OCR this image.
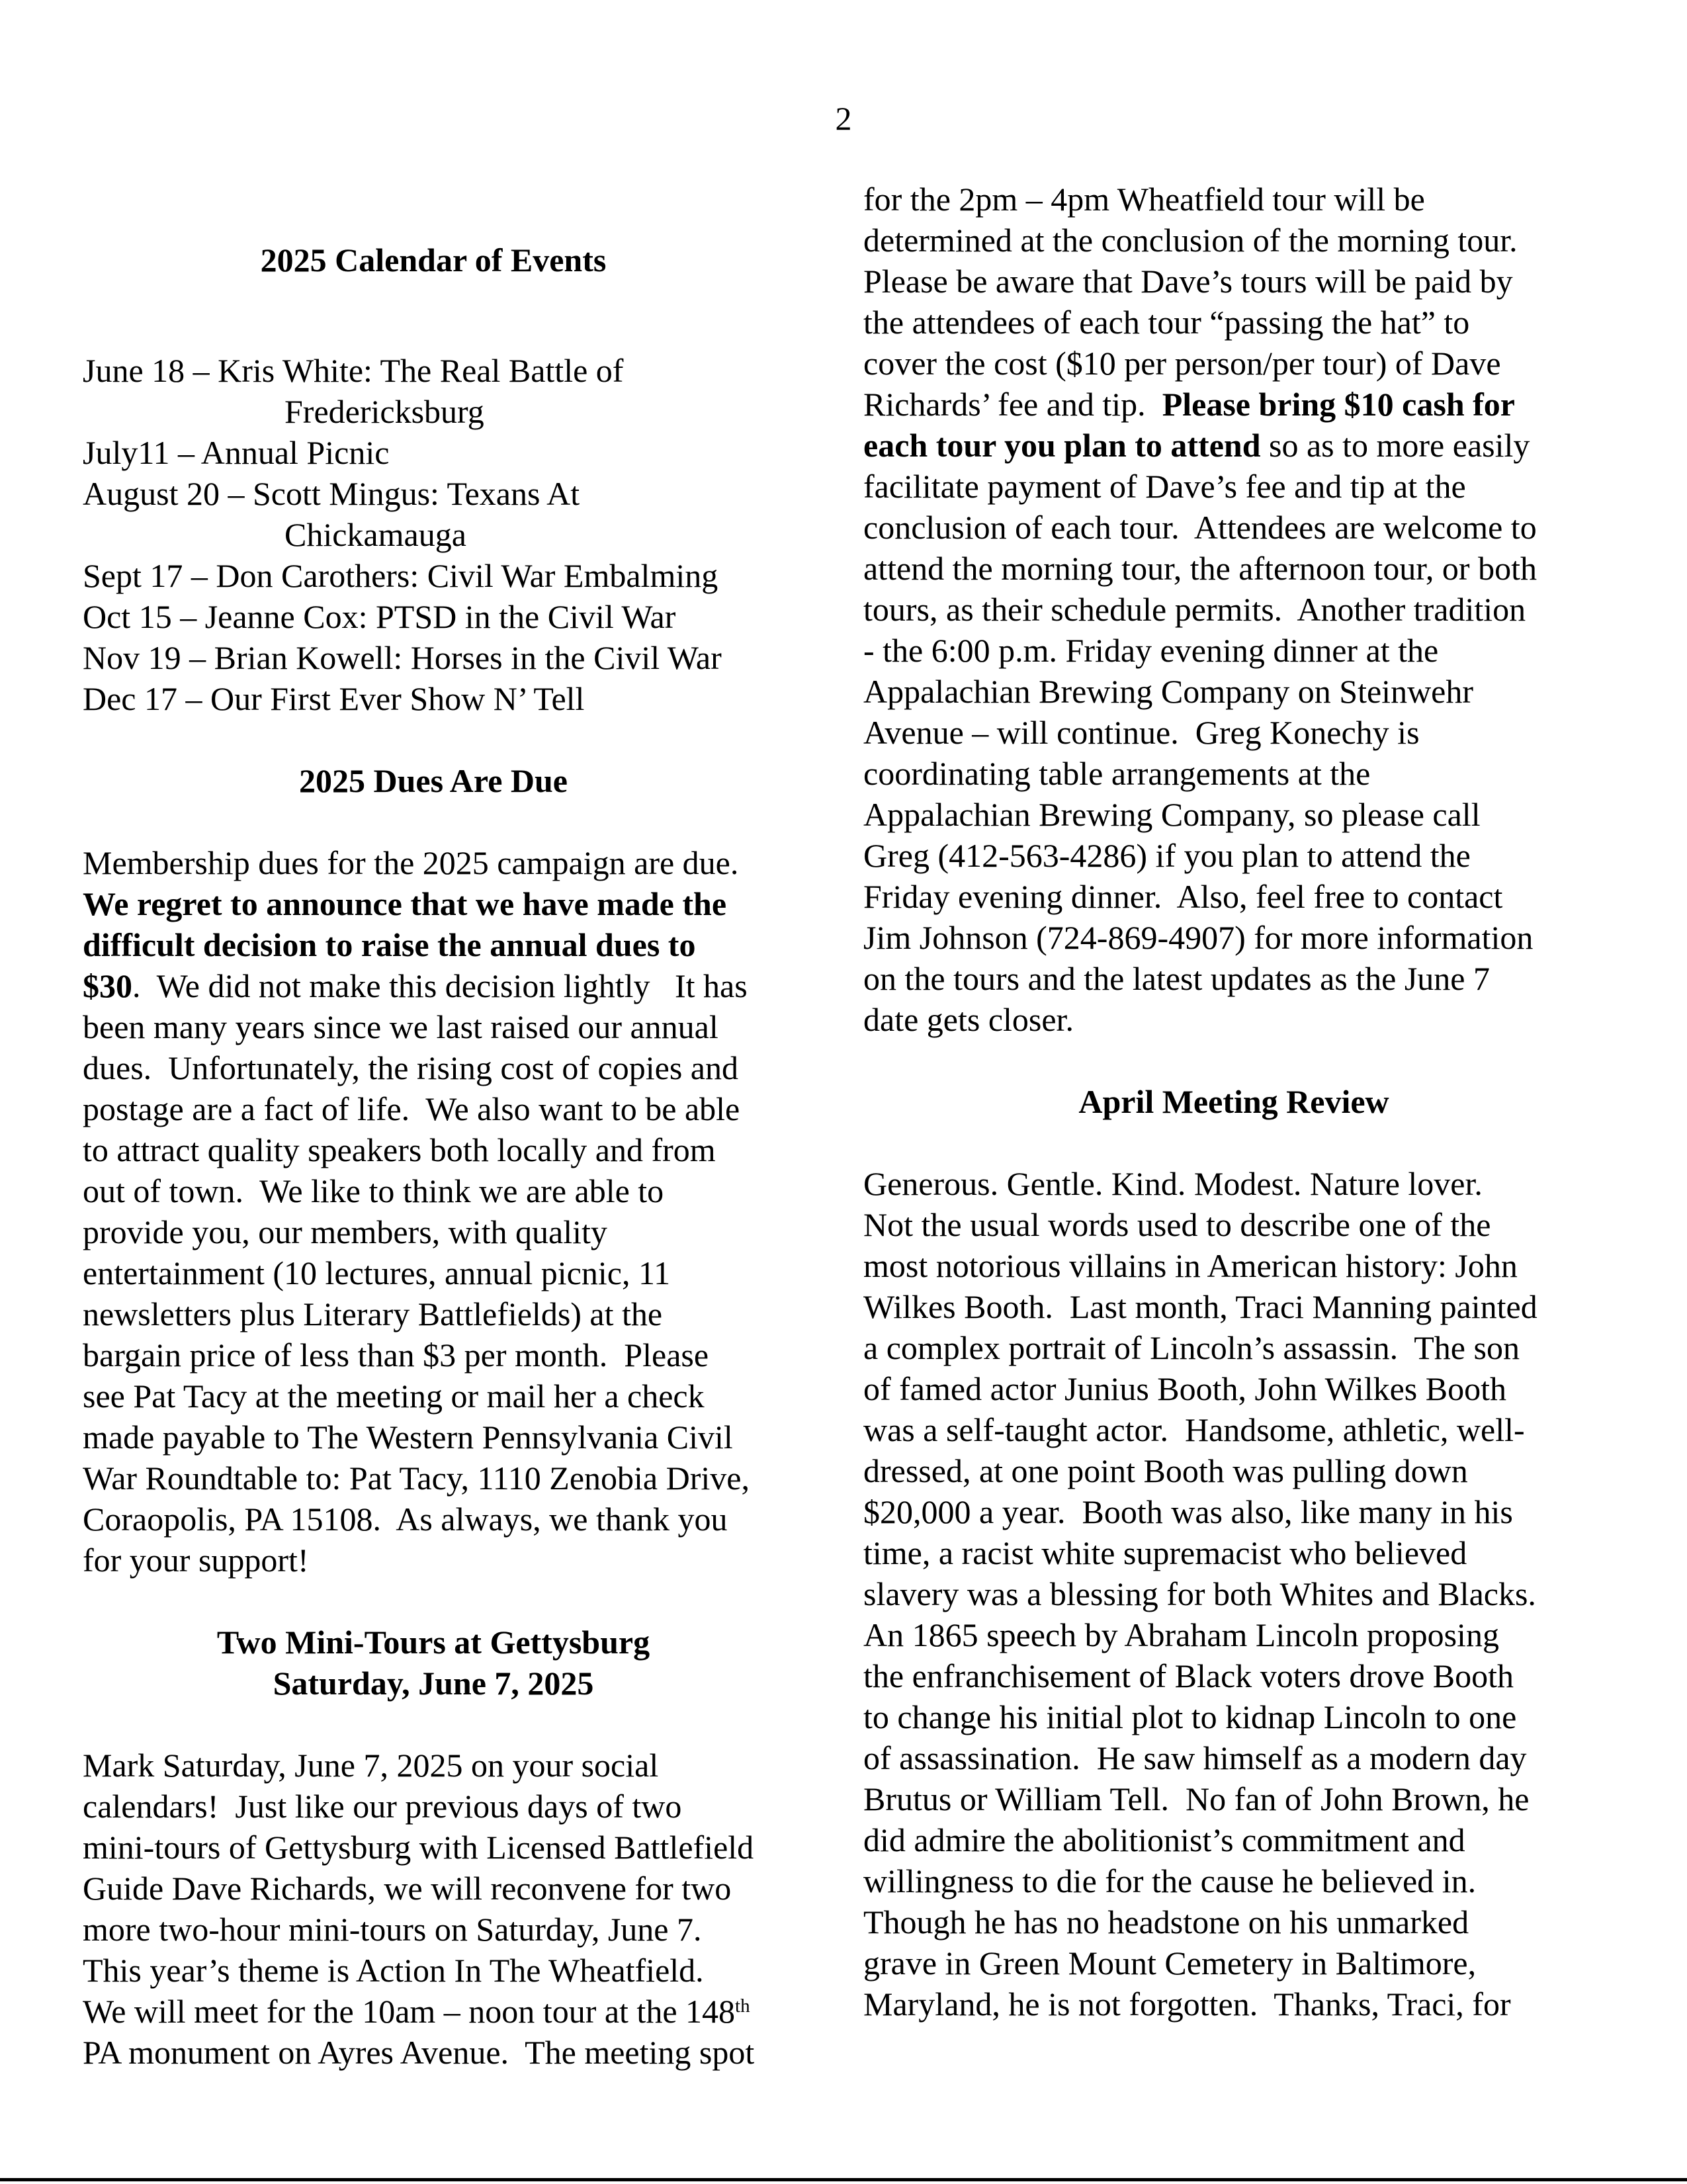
2
2025 Calendar of Events
June 18 – Kris White: The Real Battle of
Fredericksburg
July11 – Annual Picnic
August 20 – Scott Mingus: Texans At
Chickamauga
Sept 17 – Don Carothers: Civil War Embalming
Oct 15 – Jeanne Cox: PTSD in the Civil War
Nov 19 – Brian Kowell: Horses in the Civil War
Dec 17 – Our First Ever Show N’ Tell
2025 Dues Are Due
Membership dues for the 2025 campaign are due.
We regret to announce that we have made the
difficult decision to raise the annual dues to
$30.  We did not make this decision lightly   It has
been many years since we last raised our annual
dues.  Unfortunately, the rising cost of copies and
postage are a fact of life.  We also want to be able
to attract quality speakers both locally and from
out of town.  We like to think we are able to
provide you, our members, with quality
entertainment (10 lectures, annual picnic, 11
newsletters plus Literary Battlefields) at the
bargain price of less than $3 per month.  Please
see Pat Tacy at the meeting or mail her a check
made payable to The Western Pennsylvania Civil
War Roundtable to: Pat Tacy, 1110 Zenobia Drive,
Coraopolis, PA 15108.  As always, we thank you
for your support!
Two Mini-Tours at Gettysburg
Saturday, June 7, 2025
Mark Saturday, June 7, 2025 on your social
calendars!  Just like our previous days of two
mini-tours of Gettysburg with Licensed Battlefield
Guide Dave Richards, we will reconvene for two
more two-hour mini-tours on Saturday, June 7.
This year’s theme is Action In The Wheatfield.
We will meet for the 10am – noon tour at the 148th
PA monument on Ayres Avenue.  The meeting spot
for the 2pm – 4pm Wheatfield tour will be
determined at the conclusion of the morning tour.
Please be aware that Dave’s tours will be paid by
the attendees of each tour “passing the hat” to
cover the cost ($10 per person/per tour) of Dave
Richards’ fee and tip.  Please bring $10 cash for
each tour you plan to attend so as to more easily
facilitate payment of Dave’s fee and tip at the
conclusion of each tour.  Attendees are welcome to
attend the morning tour, the afternoon tour, or both
tours, as their schedule permits.  Another tradition
- the 6:00 p.m. Friday evening dinner at the
Appalachian Brewing Company on Steinwehr
Avenue – will continue.  Greg Konechy is
coordinating table arrangements at the
Appalachian Brewing Company, so please call
Greg (412-563-4286) if you plan to attend the
Friday evening dinner.  Also, feel free to contact
Jim Johnson (724-869-4907) for more information
on the tours and the latest updates as the June 7
date gets closer.
April Meeting Review
Generous. Gentle. Kind. Modest. Nature lover.
Not the usual words used to describe one of the
most notorious villains in American history: John
Wilkes Booth.  Last month, Traci Manning painted
a complex portrait of Lincoln’s assassin.  The son
of famed actor Junius Booth, John Wilkes Booth
was a self-taught actor.  Handsome, athletic, well-
dressed, at one point Booth was pulling down
$20,000 a year.  Booth was also, like many in his
time, a racist white supremacist who believed
slavery was a blessing for both Whites and Blacks.
An 1865 speech by Abraham Lincoln proposing
the enfranchisement of Black voters drove Booth
to change his initial plot to kidnap Lincoln to one
of assassination.  He saw himself as a modern day
Brutus or William Tell.  No fan of John Brown, he
did admire the abolitionist’s commitment and
willingness to die for the cause he believed in.
Though he has no headstone on his unmarked
grave in Green Mount Cemetery in Baltimore,
Maryland, he is not forgotten.  Thanks, Traci, for
